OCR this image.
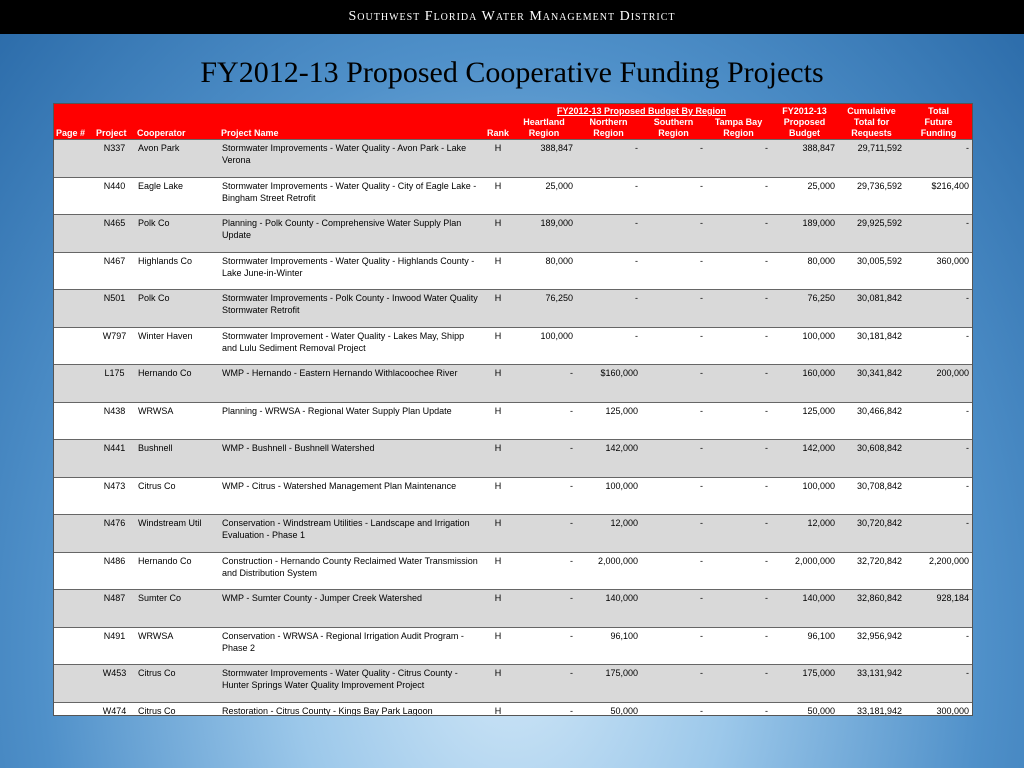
Southwest Florida Water Management District
FY2012-13 Proposed Cooperative Funding Projects
					FY2012-13 Proposed Budget By Region				FY2012-13	Cumulative	Total
Page #	Project	Cooperator	Project Name	Rank	Heartland Region	Northern Region	Southern Region	Tampa Bay Region	Proposed Budget	Total for Requests	Future Funding
	N337	Avon Park	Stormwater Improvements - Water Quality - Avon Park - Lake Verona	H	388,847	-	-	-	388,847	29,711,592	-
	N440	Eagle Lake	Stormwater Improvements - Water Quality - City of Eagle Lake - Bingham Street Retrofit	H	25,000	-	-	-	25,000	29,736,592	$216,400
	N465	Polk Co	Planning - Polk County - Comprehensive Water Supply Plan Update	H	189,000	-	-	-	189,000	29,925,592	-
	N467	Highlands Co	Stormwater Improvements - Water Quality - Highlands County - Lake June-in-Winter	H	80,000	-	-	-	80,000	30,005,592	360,000
	N501	Polk Co	Stormwater Improvements - Polk County - Inwood Water Quality Stormwater Retrofit	H	76,250	-	-	-	76,250	30,081,842	-
	W797	Winter Haven	Stormwater Improvement - Water Quality - Lakes May, Shipp and Lulu Sediment Removal Project	H	100,000	-	-	-	100,000	30,181,842	-
	L175	Hernando Co	WMP - Hernando - Eastern Hernando Withlacoochee River	H	-	$160,000	-	-	160,000	30,341,842	200,000
	N438	WRWSA	Planning - WRWSA - Regional Water Supply Plan Update	H	-	125,000	-	-	125,000	30,466,842	-
	N441	Bushnell	WMP - Bushnell - Bushnell Watershed	H	-	142,000	-	-	142,000	30,608,842	-
	N473	Citrus Co	WMP - Citrus - Watershed Management Plan Maintenance	H	-	100,000	-	-	100,000	30,708,842	-
	N476	Windstream Util	Conservation - Windstream Utilities - Landscape and Irrigation Evaluation - Phase 1	H	-	12,000	-	-	12,000	30,720,842	-
	N486	Hernando Co	Construction - Hernando County Reclaimed Water Transmission and Distribution System	H	-	2,000,000	-	-	2,000,000	32,720,842	2,200,000
	N487	Sumter Co	WMP - Sumter County - Jumper Creek Watershed	H	-	140,000	-	-	140,000	32,860,842	928,184
	N491	WRWSA	Conservation - WRWSA - Regional Irrigation Audit Program - Phase 2	H	-	96,100	-	-	96,100	32,956,942	-
	W453	Citrus Co	Stormwater Improvements - Water Quality - Citrus County - Hunter Springs Water Quality Improvement Project	H	-	175,000	-	-	175,000	33,131,942	-
	W474	Citrus Co	Restoration - Citrus County - Kings Bay Park Lagoon	H	-	50,000	-	-	50,000	33,181,942	300,000
